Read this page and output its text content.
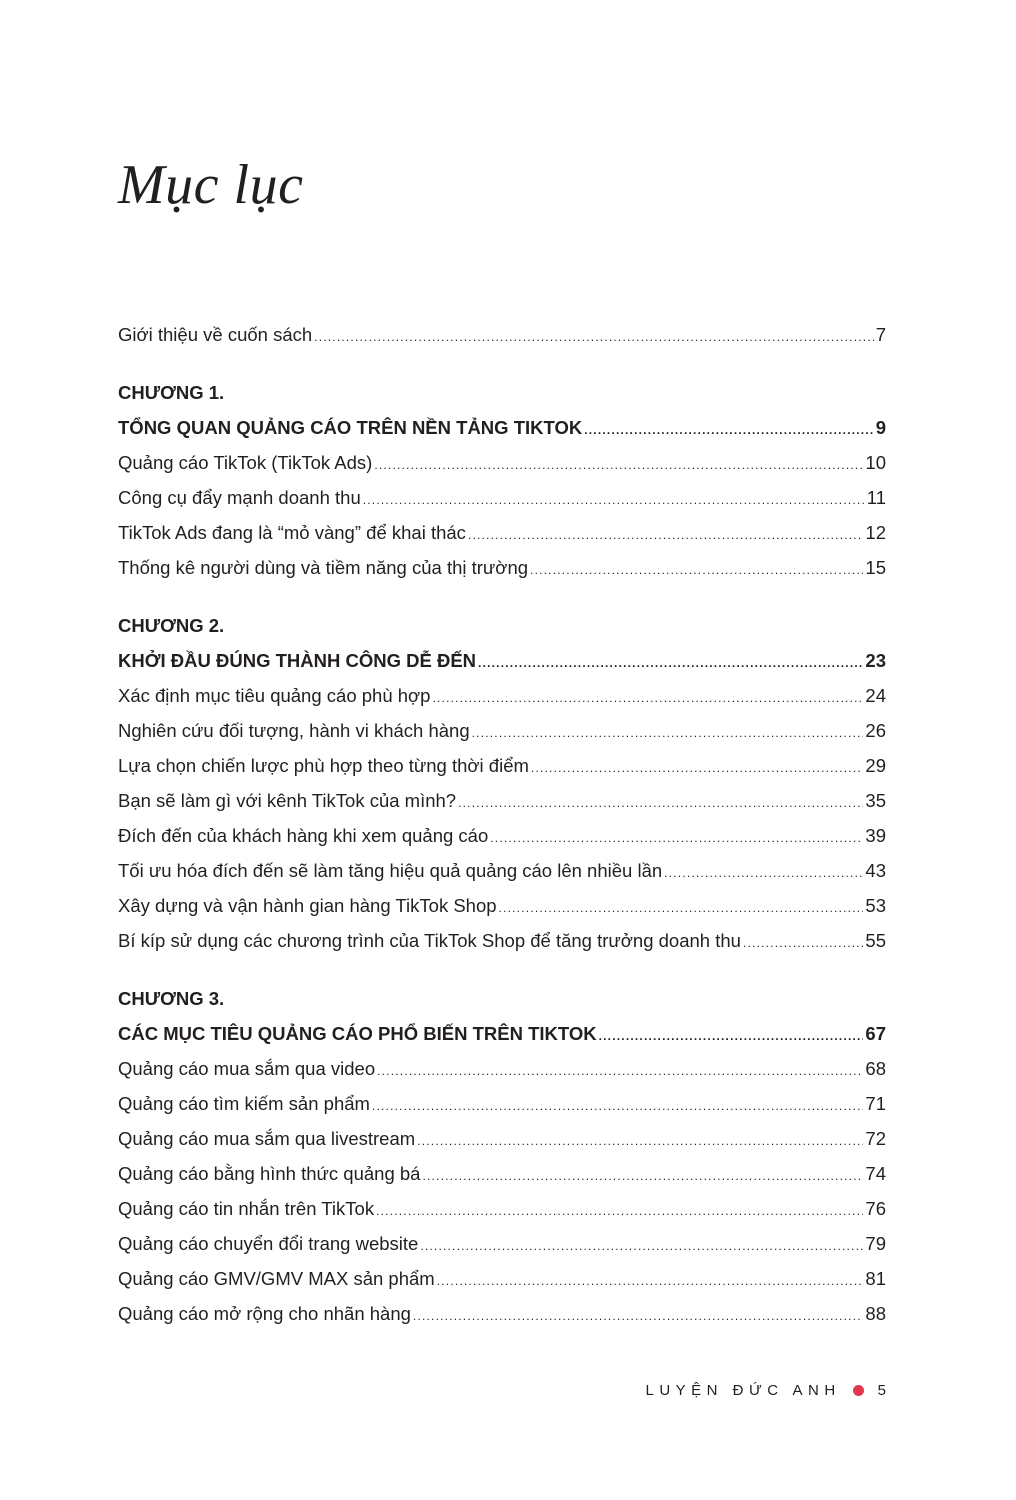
Mục lục
Giới thiệu về cuốn sách .....	7
CHƯƠNG 1.
TỔNG QUAN QUẢNG CÁO TRÊN NỀN TẢNG TIKTOK .....	9
Quảng cáo TikTok (TikTok Ads) .....	10
Công cụ đẩy mạnh doanh thu .....	11
TikTok Ads đang là “mỏ vàng” để khai thác .....	12
Thống kê người dùng và tiềm năng của thị trường .....	15
CHƯƠNG 2.
KHỞI ĐẦU ĐÚNG THÀNH CÔNG DỄ ĐẾN .....	23
Xác định mục tiêu quảng cáo phù hợp .....	24
Nghiên cứu đối tượng, hành vi khách hàng .....	26
Lựa chọn chiến lược phù hợp theo từng thời điểm .....	29
Bạn sẽ làm gì với kênh TikTok của mình? .....	35
Đích đến của khách hàng khi xem quảng cáo .....	39
Tối ưu hóa đích đến sẽ làm tăng hiệu quả quảng cáo lên nhiều lần .....	43
Xây dựng và vận hành gian hàng TikTok Shop .....	53
Bí kíp sử dụng các chương trình của TikTok Shop để tăng trưởng doanh thu .....	55
CHƯƠNG 3.
CÁC MỤC TIÊU QUẢNG CÁO PHỔ BIẾN TRÊN TIKTOK .....	67
Quảng cáo mua sắm qua video .....	68
Quảng cáo tìm kiếm sản phẩm .....	71
Quảng cáo mua sắm qua livestream .....	72
Quảng cáo bằng hình thức quảng bá .....	74
Quảng cáo tin nhắn trên TikTok .....	76
Quảng cáo chuyển đổi trang website .....	79
Quảng cáo GMV/GMV MAX sản phẩm .....	81
Quảng cáo mở rộng cho nhãn hàng .....	88
LUYỆN ĐỨC ANH 5
